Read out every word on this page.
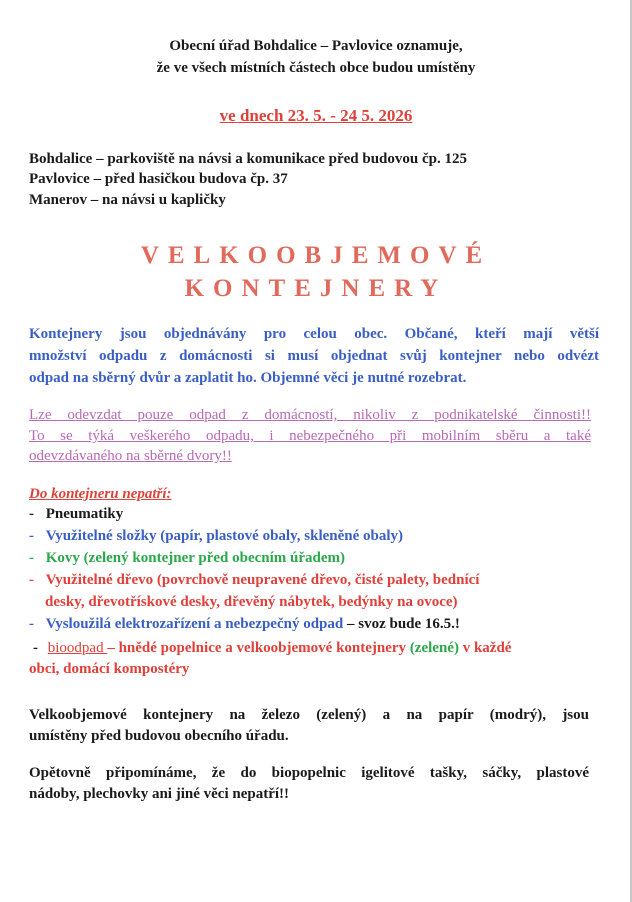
Obecní úřad Bohdalice – Pavlovice oznamuje,
že ve všech místních částech obce budou umístěny
ve dnech 23. 5. - 24 5. 2026
Bohdalice – parkoviště na návsi a komunikace před budovou čp. 125
Pavlovice – před hasičkou budova čp. 37
Manerov – na návsi u kapličky
VELKOOBJEMOVÉ
KONTEJNERY
Kontejnery jsou objednávány pro celou obec. Občané, kteří mají větší
množství odpadu z domácnosti si musí objednat svůj kontejner nebo odvézt
odpad na sběrný dvůr a zaplatit ho. Objemné věci je nutné rozebrat.
Lze odevzdat pouze odpad z domácností, nikoliv z podnikatelské činnosti!!
To se týká veškerého odpadu, i nebezpečného při mobilním sběru a také
odevzdávaného na sběrné dvory!!
Do kontejneru nepatří:
- Pneumatiky
- Využitelné složky (papír, plastové obaly, skleněné obaly)
- Kovy (zelený kontejner před obecním úřadem)
- Využitelné dřevo (povrchově neupravené dřevo, čisté palety, bednící
desky, dřevotřískové desky, dřevěný nábytek, bedýnky na ovoce)
- Vysloužilá elektrozařízení a nebezpečný odpad – svoz bude 16.5.!
- bioodpad – hnědé popelnice a velkoobjemové kontejnery (zelené) v každé
obci, domácí kompostéry
Velkoobjemové kontejnery na železo (zelený) a na papír (modrý), jsou
umístěny před budovou obecního úřadu.
Opětovně připomínáme, že do biopopelnic igelitové tašky, sáčky, plastové
nádoby, plechovky ani jiné věci nepatří!!
